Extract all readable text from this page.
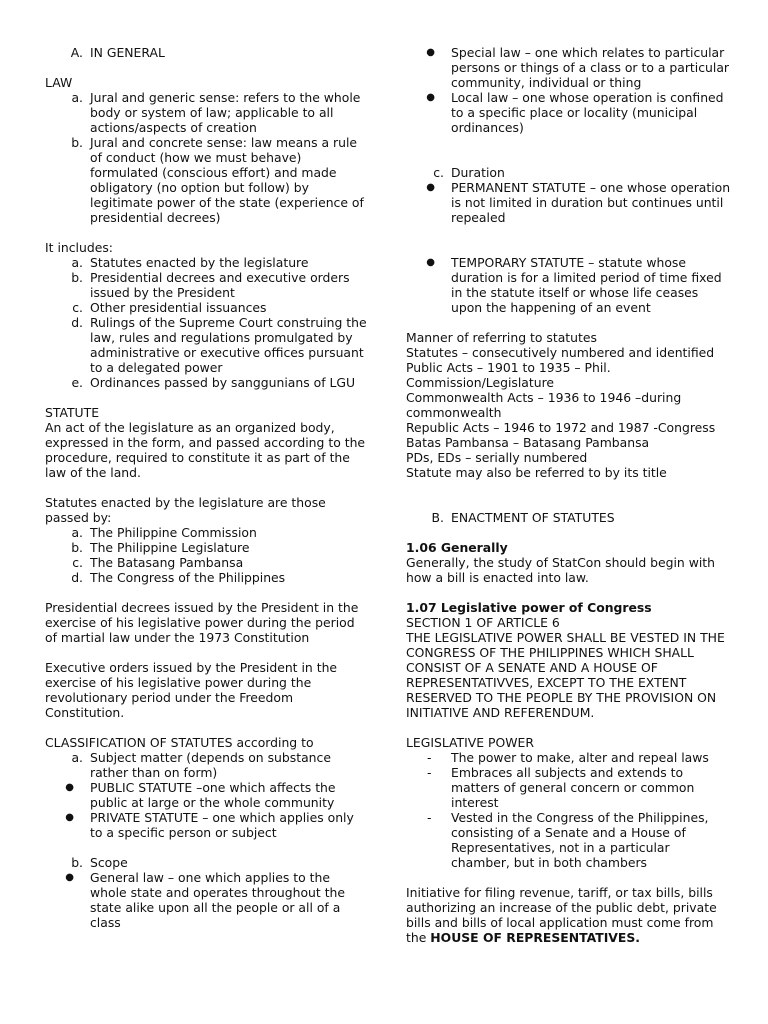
A. IN GENERAL
LAW
a. Jural and generic sense: refers to the whole body or system of law; applicable to all actions/aspects of creation
b. Jural and concrete sense: law means a rule of conduct (how we must behave) formulated (conscious effort) and made obligatory (no option but follow) by legitimate power of the state (experience of presidential decrees)
It includes:
a. Statutes enacted by the legislature
b. Presidential decrees and executive orders issued by the President
c. Other presidential issuances
d. Rulings of the Supreme Court construing the law, rules and regulations promulgated by administrative or executive offices pursuant to a delegated power
e. Ordinances passed by sanggunians of LGU
STATUTE
An act of the legislature as an organized body, expressed in the form, and passed according to the procedure, required to constitute it as part of the law of the land.
Statutes enacted by the legislature are those passed by:
a. The Philippine Commission
b. The Philippine Legislature
c. The Batasang Pambansa
d. The Congress of the Philippines
Presidential decrees issued by the President in the exercise of his legislative power during the period of martial law under the 1973 Constitution
Executive orders issued by the President in the exercise of his legislative power during the revolutionary period under the Freedom Constitution.
CLASSIFICATION OF STATUTES according to
a. Subject matter (depends on substance rather than on form)
●	PUBLIC STATUTE –one which affects the public at large or the whole community
●	PRIVATE STATUTE – one which applies only to a specific person or subject
b. Scope
●	General law – one which applies to the whole state and operates throughout the state alike upon all the people or all of a class
●	Special law – one which relates to particular persons or things of a class or to a particular community, individual or thing
●	Local law – one whose operation is confined to a specific place or locality (municipal ordinances)
c. Duration
●	PERMANENT STATUTE – one whose operation is not limited in duration but continues until repealed
●	TEMPORARY STATUTE – statute whose duration is for a limited period of time fixed in the statute itself or whose life ceases upon the happening of an event
Manner of referring to statutes
Statutes – consecutively numbered and identified
Public Acts – 1901 to 1935 – Phil. Commission/Legislature
Commonwealth Acts – 1936 to 1946 –during commonwealth
Republic Acts – 1946 to 1972 and 1987 -Congress
Batas Pambansa – Batasang Pambansa
PDs, EDs – serially numbered
Statute may also be referred to by its title
B. ENACTMENT OF STATUTES
1.06 Generally
Generally, the study of StatCon should begin with how a bill is enacted into law.
1.07 Legislative power of Congress
SECTION 1 OF ARTICLE 6
THE LEGISLATIVE POWER SHALL BE VESTED IN THE CONGRESS OF THE PHILIPPINES WHICH SHALL CONSIST OF A SENATE AND A HOUSE OF REPRESENTATIVVES, EXCEPT TO THE EXTENT RESERVED TO THE PEOPLE BY THE PROVISION ON INITIATIVE AND REFERENDUM.
LEGISLATIVE POWER
-	The power to make, alter and repeal laws
-	Embraces all subjects and extends to matters of general concern or common interest
-	Vested in the Congress of the Philippines, consisting of a Senate and a House of Representatives, not in a particular chamber, but in both chambers
Initiative for filing revenue, tariff, or tax bills, bills authorizing an increase of the public debt, private bills and bills of local application must come from the HOUSE OF REPRESENTATIVES.
